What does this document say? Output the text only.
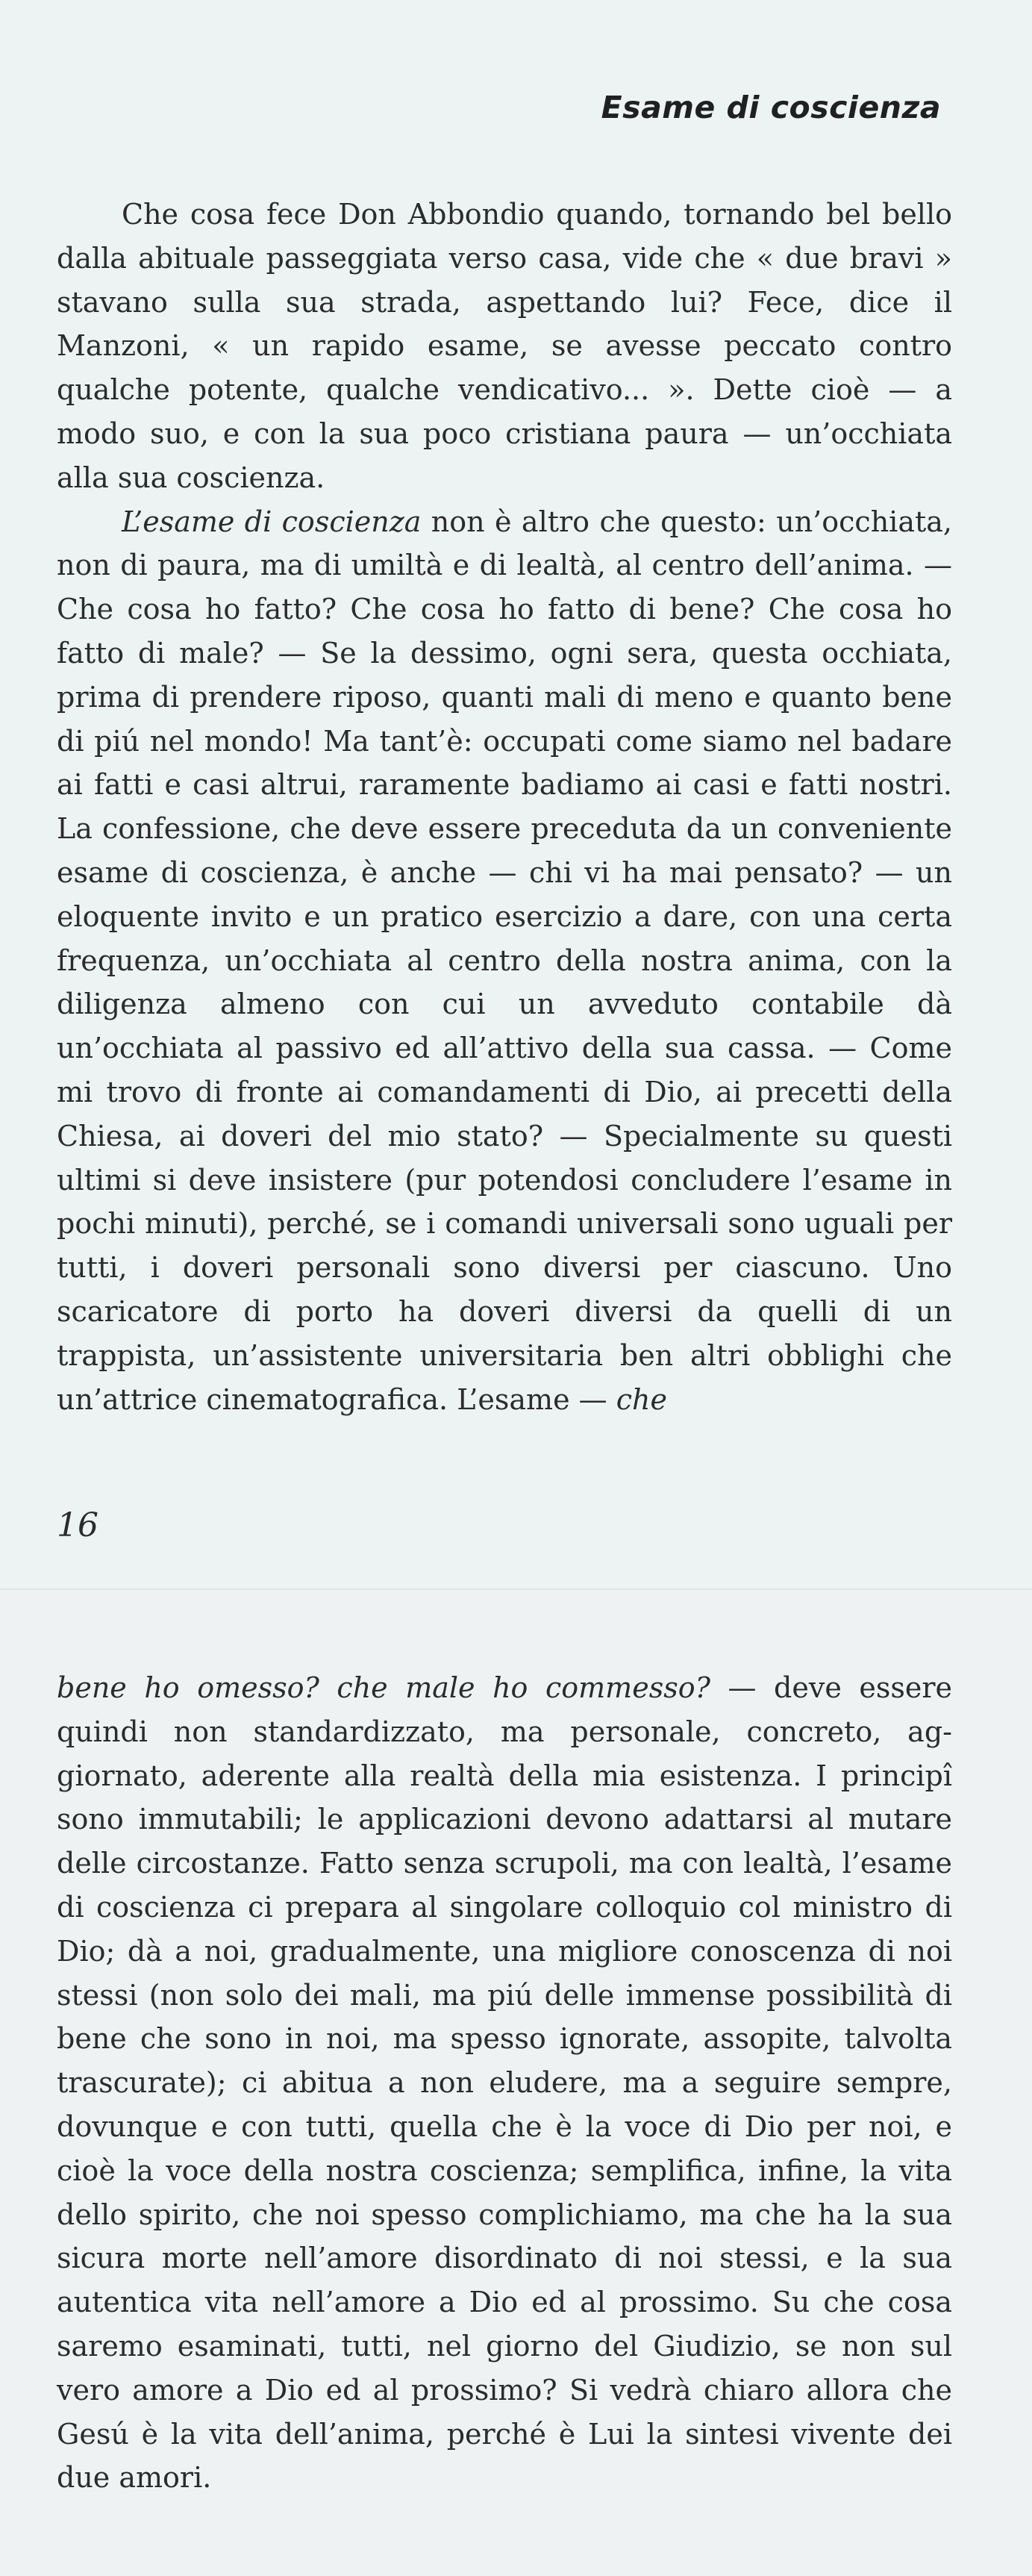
Esame di coscienza

Che cosa fece Don Abbondio quando, tornando bel bello dalla abituale passeggiata verso casa, vide che « due bravi » stavano sulla sua strada, aspettando lui? Fece, dice il Manzoni, « un rapido esame, se avesse peccato contro qualche potente, qualche vendicativo... ». Dette cioè — a modo suo, e con la sua poco cristiana paura — un’occhiata alla sua coscienza.

L’esame di coscienza non è altro che questo: un’occhiata, non di paura, ma di umiltà e di lealtà, al centro dell’anima. — Che cosa ho fatto? Che cosa ho fatto di bene? Che cosa ho fatto di male? — Se la dessimo, ogni sera, questa occhiata, prima di prendere riposo, quanti mali di meno e quanto bene di piú nel mondo! Ma tant’è: occupati come siamo nel badare ai fatti e casi altrui, raramente badiamo ai casi e fatti nostri. La confessione, che deve essere preceduta da un conveniente esame di coscienza, è anche — chi vi ha mai pensato? — un eloquente invito e un pratico esercizio a dare, con una certa frequenza, un’occhiata al centro della nostra anima, con la diligenza almeno con cui un avveduto contabile dà un’occhiata al passivo ed all’attivo della sua cassa. — Come mi trovo di fronte ai comandamenti di Dio, ai precetti della Chiesa, ai doveri del mio stato? — Specialmente su questi ultimi si deve insistere (pur potendosi concludere l’esame in pochi minuti), perché, se i comandi universali sono uguali per tutti, i doveri personali sono diversi per ciascuno. Uno scaricatore di porto ha doveri diversi da quelli di un trappista, un’assistente universitaria ben altri obblighi che un’attrice cinematografica. L’esame — che

16

bene ho omesso? che male ho commesso? — deve essere quindi non standardizzato, ma personale, concreto, aggiornato, aderente alla realtà della mia esistenza. I principî sono immutabili; le applicazioni devono adattarsi al mutare delle circostanze. Fatto senza scrupoli, ma con lealtà, l’esame di coscienza ci prepara al singolare colloquio col ministro di Dio; dà a noi, gradualmente, una migliore conoscenza di noi stessi (non solo dei mali, ma piú delle immense possibilità di bene che sono in noi, ma spesso ignorate, assopite, talvolta trascurate); ci abitua a non eludere, ma a seguire sempre, dovunque e con tutti, quella che è la voce di Dio per noi, e cioè la voce della nostra coscienza; semplifica, infine, la vita dello spirito, che noi spesso complichiamo, ma che ha la sua sicura morte nell’amore disordinato di noi stessi, e la sua autentica vita nell’amore a Dio ed al prossimo. Su che cosa saremo esaminati, tutti, nel giorno del Giudizio, se non sul vero amore a Dio ed al prossimo? Si vedrà chiaro allora che Gesú è la vita dell’anima, perché è Lui la sintesi vivente dei due amori.
